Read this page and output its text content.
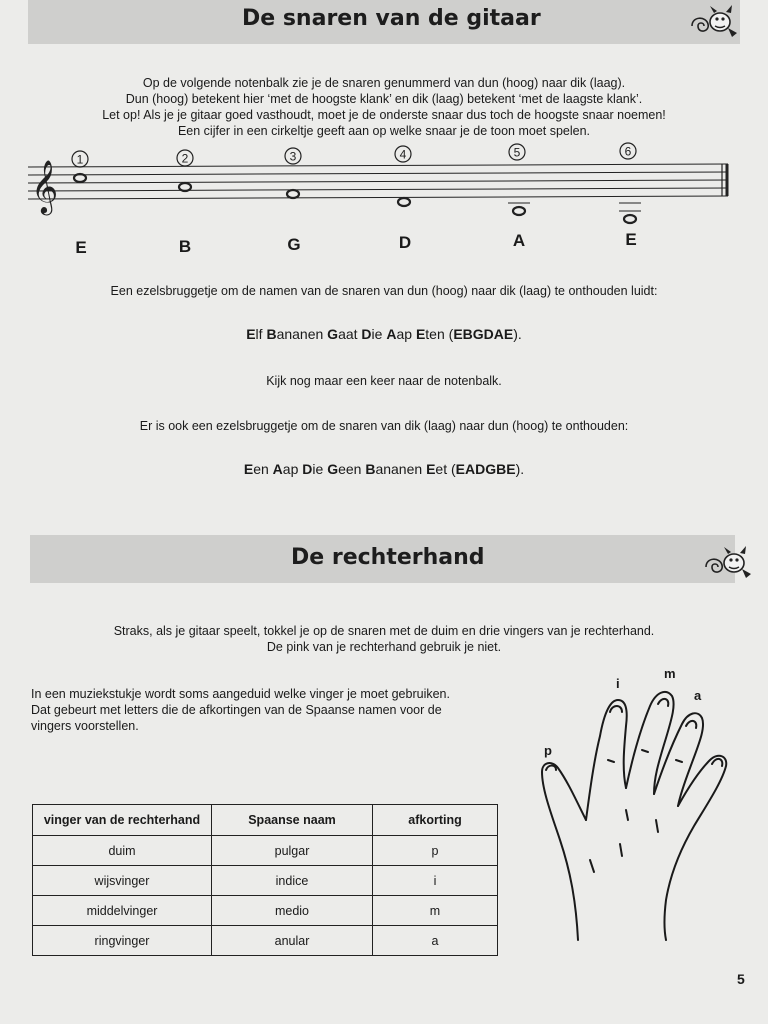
De snaren van de gitaar
Op de volgende notenbalk zie je de snaren genummerd van dun (hoog) naar dik (laag).
Dun (hoog) betekent hier ‘met de hoogste klank’ en dik (laag) betekent ‘met de laagste klank’.
Let op! Als je je gitaar goed vasthoudt, moet je de onderste snaar dus toch de hoogste snaar noemen!
Een cijfer in een cirkeltje geeft aan op welke snaar je de toon moet spelen.
𝄞 1	2	3	4	5	6
E	B	G	D	A	E
Een ezelsbruggetje om de namen van de snaren van dun (hoog) naar dik (laag) te onthouden luidt:
Elf Bananen Gaat Die Aap Eten (EBGDAE).
Kijk nog maar een keer naar de notenbalk.
Er is ook een ezelsbruggetje om de snaren van dik (laag) naar dun (hoog) te onthouden:
Een Aap Die Geen Bananen Eet (EADGBE).
De rechterhand
Straks, als je gitaar speelt, tokkel je op de snaren met de duim en drie vingers van je rechterhand.
De pink van je rechterhand gebruik je niet.
In een muziekstukje wordt soms aangeduid welke vinger je moet gebruiken.
Dat gebeurt met letters die de afkortingen van de Spaanse namen voor de
vingers voorstellen.
vinger van de rechterhand	Spaanse naam	afkorting
duim	pulgar	p
wijsvinger	indice	i
middelvinger	medio	m
ringvinger	anular	a
p
i
m
a
5
